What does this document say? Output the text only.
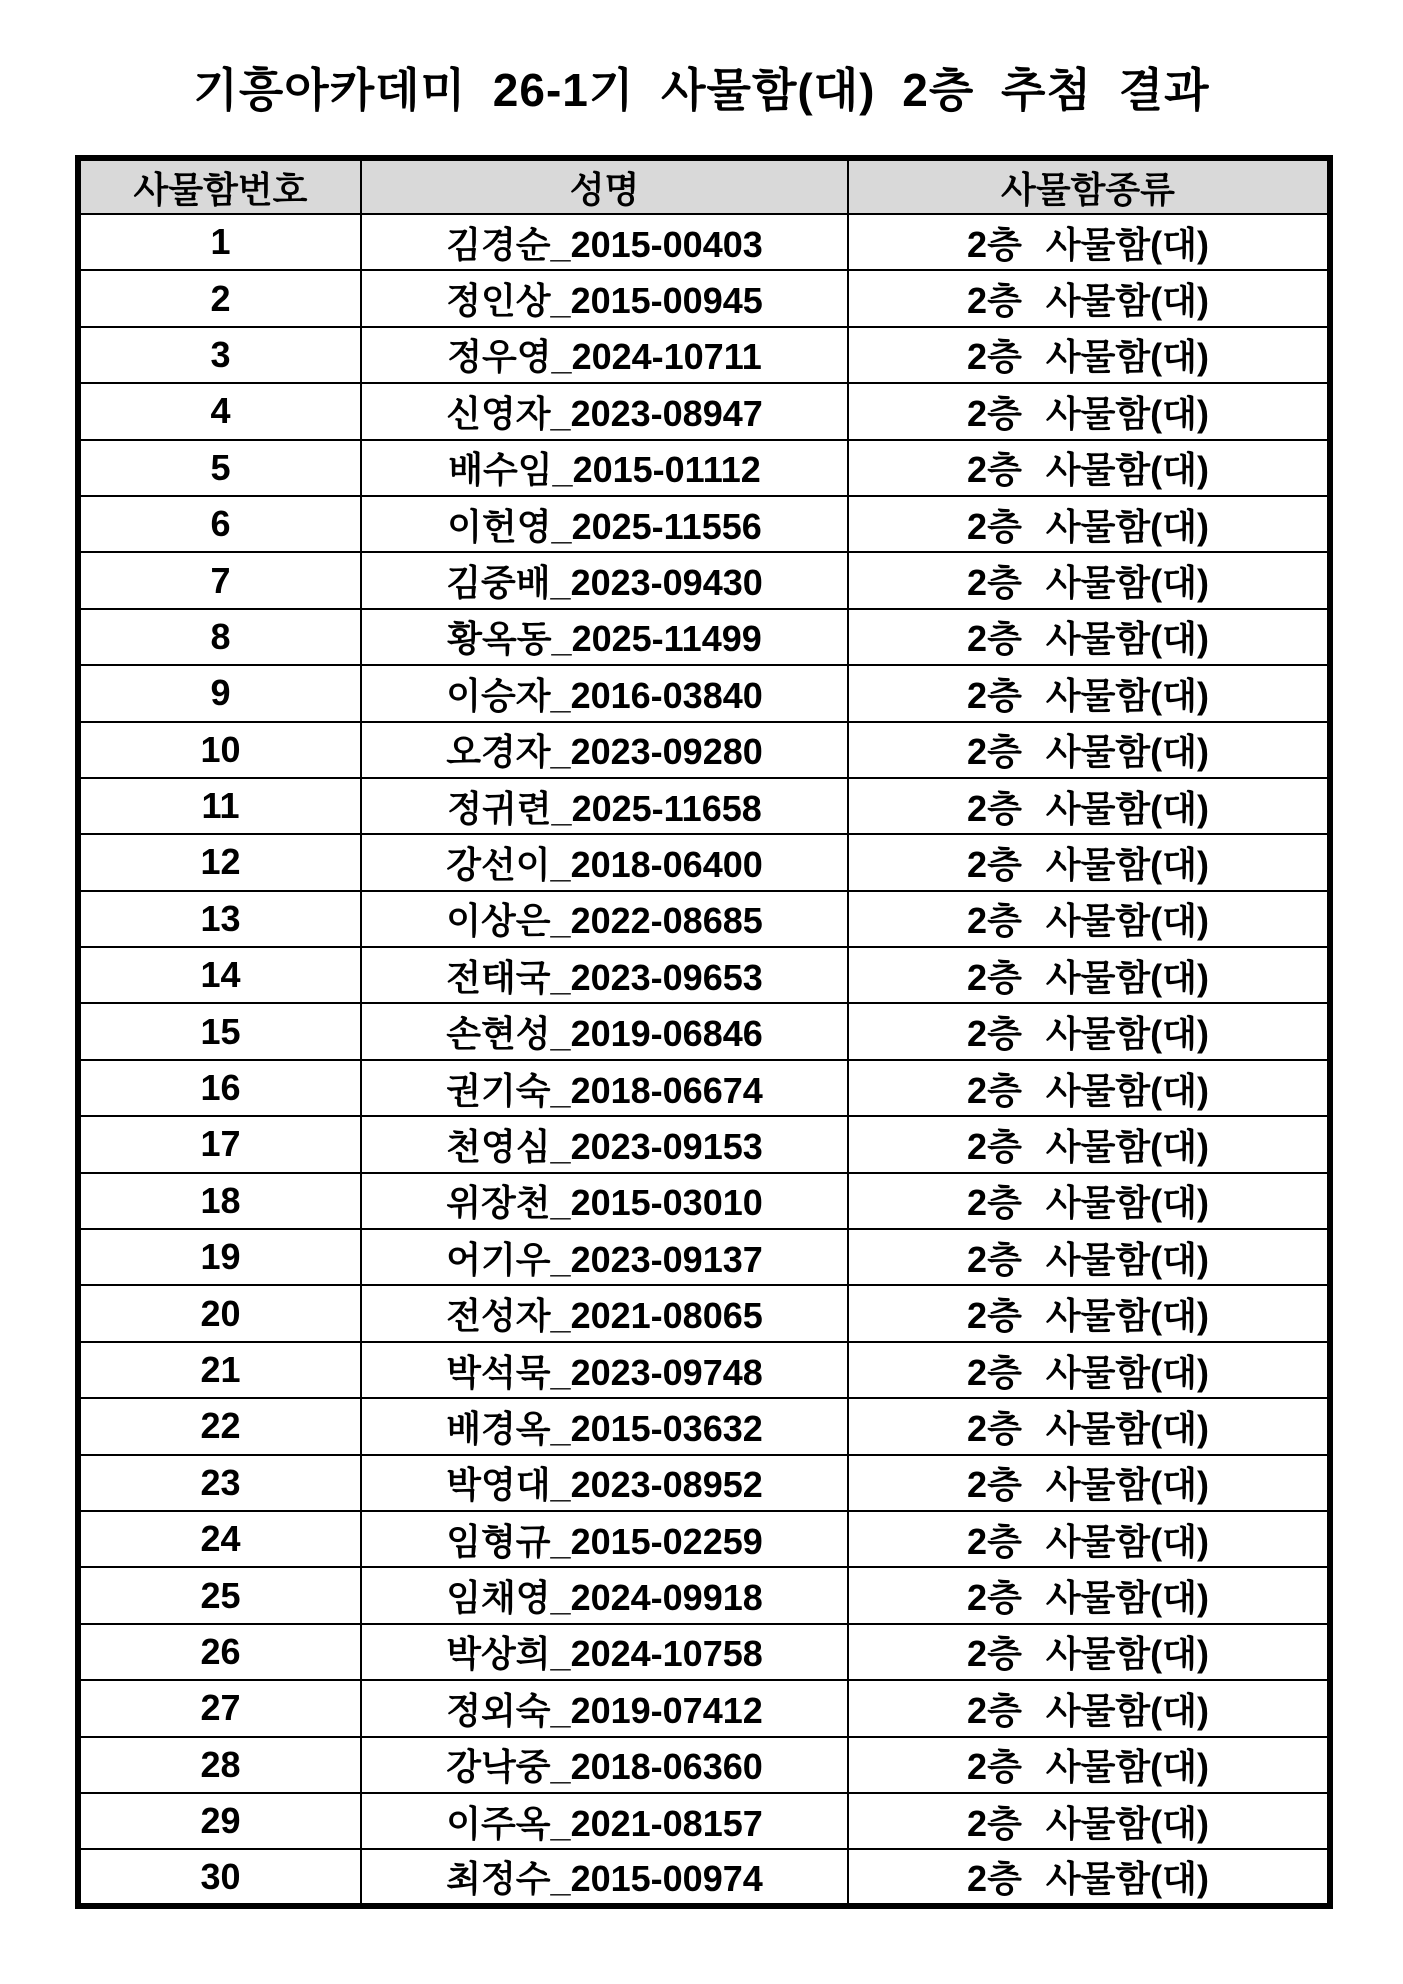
기흥아카데미 26-1기 사물함(대) 2층 추첨 결과
사물함번호	성명	사물함종류
1	김경순_2015-00403	2층 사물함(대)
2	정인상_2015-00945	2층 사물함(대)
3	정우영_2024-10711	2층 사물함(대)
4	신영자_2023-08947	2층 사물함(대)
5	배수임_2015-01112	2층 사물함(대)
6	이헌영_2025-11556	2층 사물함(대)
7	김중배_2023-09430	2층 사물함(대)
8	황옥동_2025-11499	2층 사물함(대)
9	이승자_2016-03840	2층 사물함(대)
10	오경자_2023-09280	2층 사물함(대)
11	정귀련_2025-11658	2층 사물함(대)
12	강선이_2018-06400	2층 사물함(대)
13	이상은_2022-08685	2층 사물함(대)
14	전태국_2023-09653	2층 사물함(대)
15	손현성_2019-06846	2층 사물함(대)
16	권기숙_2018-06674	2층 사물함(대)
17	천영심_2023-09153	2층 사물함(대)
18	위장천_2015-03010	2층 사물함(대)
19	어기우_2023-09137	2층 사물함(대)
20	전성자_2021-08065	2층 사물함(대)
21	박석묵_2023-09748	2층 사물함(대)
22	배경옥_2015-03632	2층 사물함(대)
23	박영대_2023-08952	2층 사물함(대)
24	임형규_2015-02259	2층 사물함(대)
25	임채영_2024-09918	2층 사물함(대)
26	박상희_2024-10758	2층 사물함(대)
27	정외숙_2019-07412	2층 사물함(대)
28	강낙중_2018-06360	2층 사물함(대)
29	이주옥_2021-08157	2층 사물함(대)
30	최정수_2015-00974	2층 사물함(대)
